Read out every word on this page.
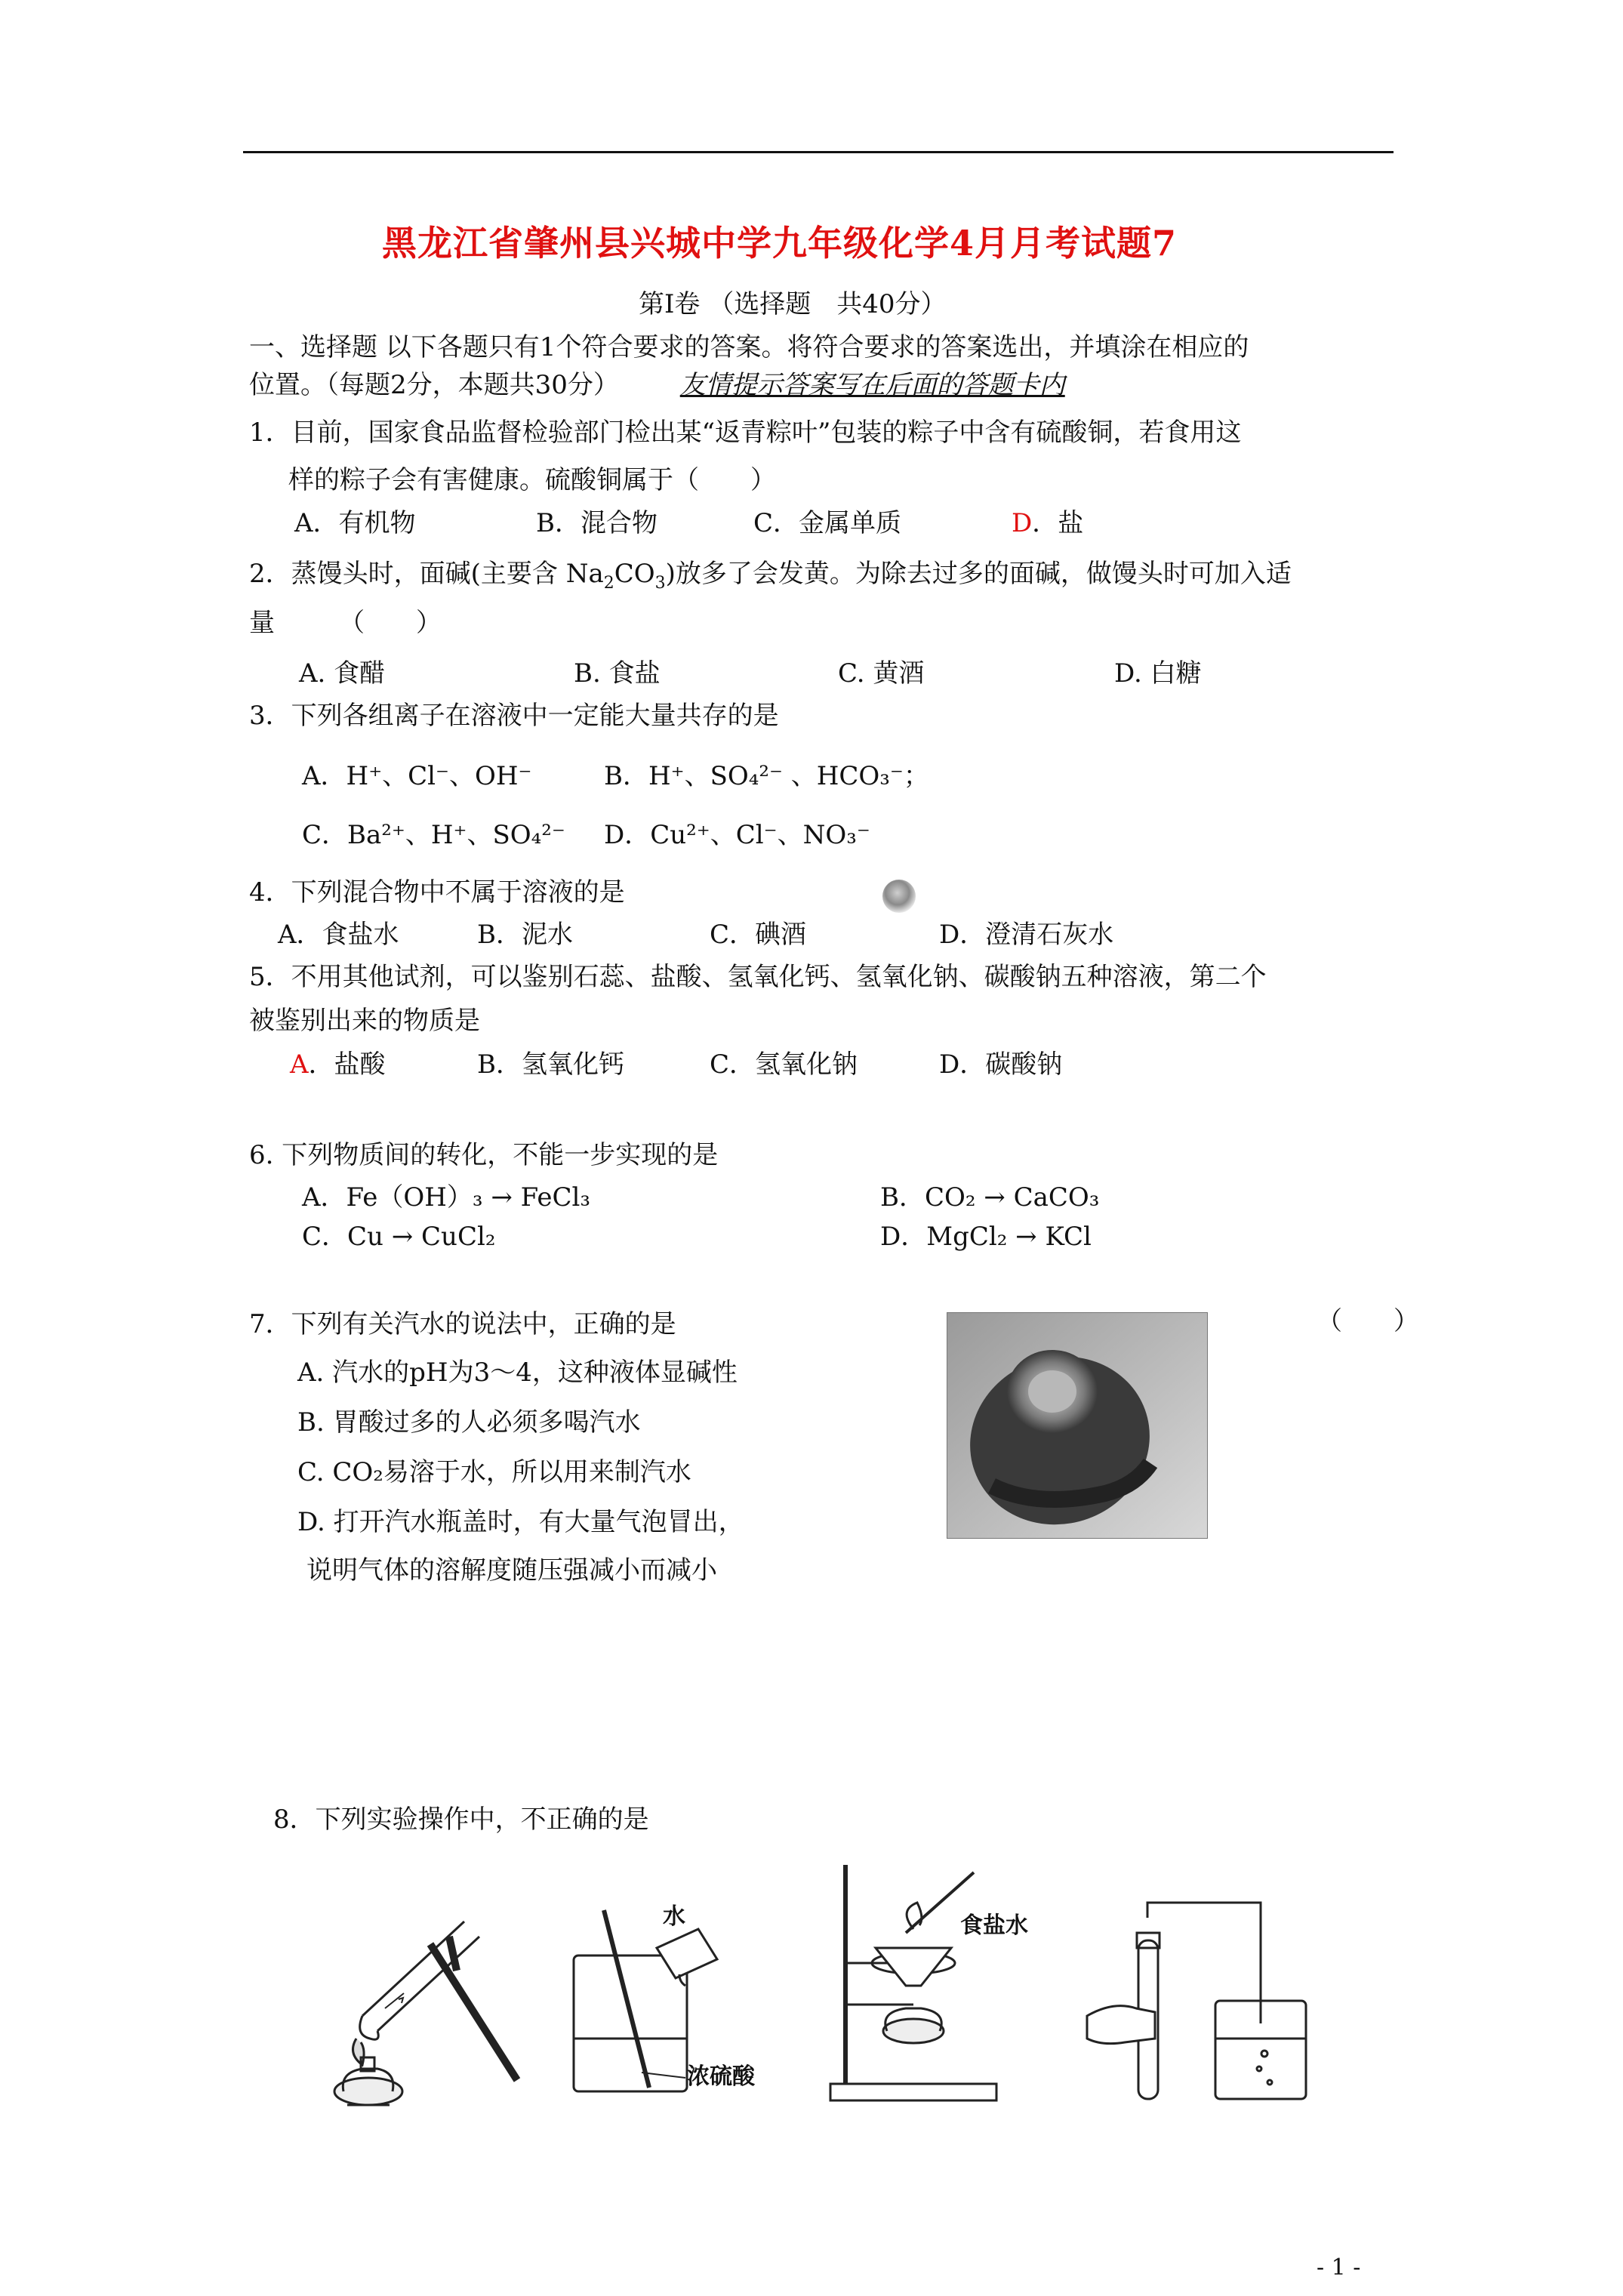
黑龙江省肇州县兴城中学九年级化学4月月考试题7
第Ⅰ卷 （选择题　共40分）
一、选择题 以下各题只有1个符合要求的答案。将符合要求的答案选出，并填涂在相应的
位置。（每题2分，本题共30分） 友情提示答案写在后面的答题卡内
1．目前，国家食品监督检验部门检出某“返青粽叶”包装的粽子中含有硫酸铜，若食用这
样的粽子会有害健康。硫酸铜属于（　　）
A．有机物	B．混合物	C．金属单质	D．盐
2．蒸馒头时，面碱(主要含 $Na_2CO_3$)放多了会发黄。为除去过多的面碱，做馒头时可加入适
量　　　（　　）
A. 食醋	B. 食盐	C. 黄酒	D. 白糖
3．下列各组离子在溶液中一定能大量共存的是
A．H⁺、Cl⁻、OH⁻	B．H⁺、SO₄²⁻ 、HCO₃⁻；
C．Ba²⁺、H⁺、SO₄²⁻ D．Cu²⁺、Cl⁻、NO₃⁻
4．下列混合物中不属于溶液的是
A．食盐水	B．泥水	C．碘酒	D．澄清石灰水
5．不用其他试剂，可以鉴别石蕊、盐酸、氢氧化钙、氢氧化钠、碳酸钠五种溶液，第二个
被鉴别出来的物质是
A．盐酸	B．氢氧化钙	C．氢氧化钠	D．碳酸钠
6. 下列物质间的转化，不能一步实现的是
A．Fe（OH）₃ → FeCl₃	B．CO₂ → CaCO₃
C．Cu → CuCl₂	D．MgCl₂ → KCl
7．下列有关汽水的说法中，正确的是	（　　）
A. 汽水的pH为3～4，这种液体显碱性
B. 胃酸过多的人必须多喝汽水
C. CO₂易溶于水，所以用来制汽水
D. 打开汽水瓶盖时，有大量气泡冒出，
说明气体的溶解度随压强减小而减小
8．下列实验操作中，不正确的是
水
浓硫酸
食盐水
- 1 -
